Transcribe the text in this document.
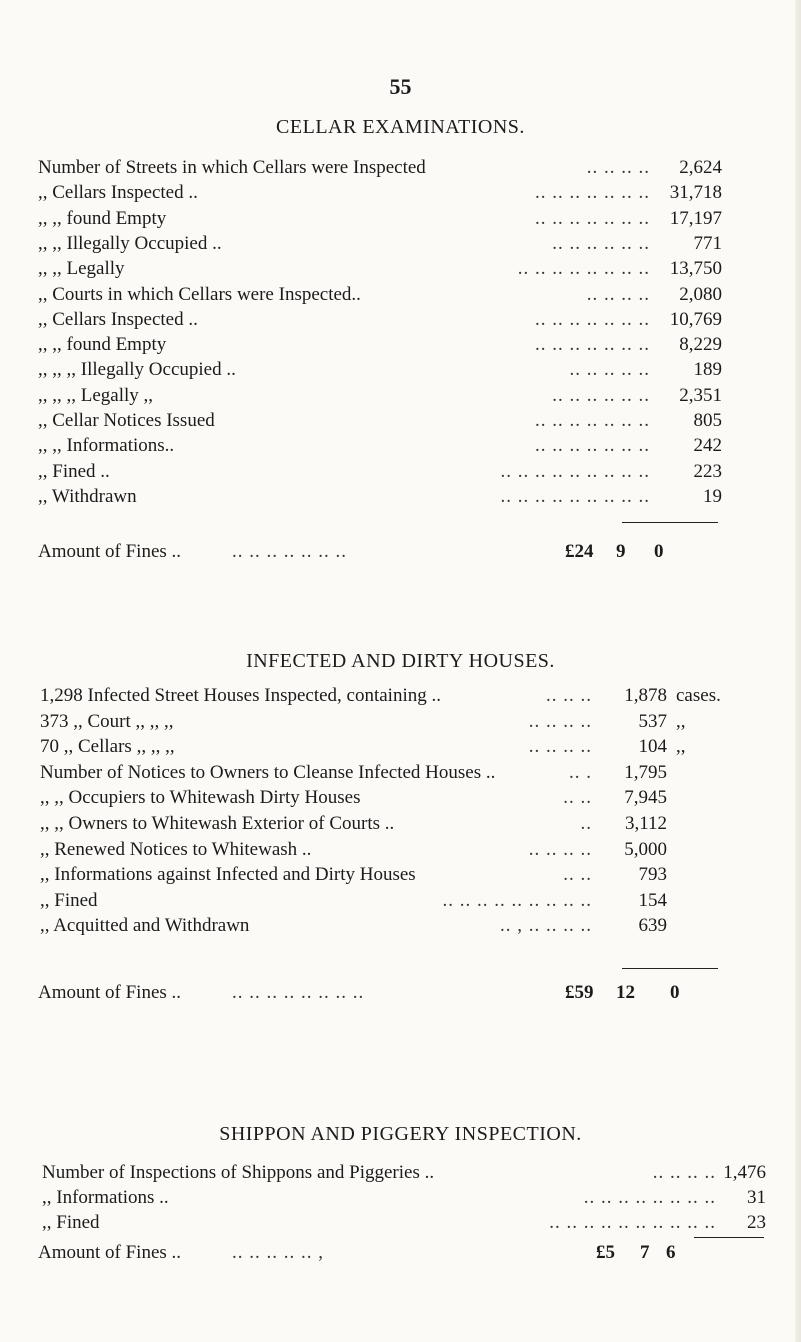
55
CELLAR EXAMINATIONS.
Number of Streets in which Cellars were Inspected	.. .. .. .. 2,624
,, Cellars Inspected ..	.. .. .. .. .. .. .. 31,718
,, ,, found Empty	.. .. .. .. .. .. .. 17,197
,, ,, Illegally Occupied ..	.. .. .. .. .. .. 771
,, ,, Legally	.. .. .. .. .. .. .. .. 13,750
,, Courts in which Cellars were Inspected..	.. .. .. .. 2,080
,, Cellars Inspected ..	.. .. .. .. .. .. .. 10,769
,, ,, found Empty	.. .. .. .. .. .. .. 8,229
,, ,, ,, Illegally Occupied ..	.. .. .. .. .. 189
,, ,, ,, Legally ,,	.. .. .. .. .. .. 2,351
,, Cellar Notices Issued	.. .. .. .. .. .. .. 805
,, ,, Informations..	.. .. .. .. .. .. .. 242
,, Fined ..	.. .. .. .. .. .. .. .. .. 223
,, Withdrawn	.. .. .. .. .. .. .. .. ..	19
Amount of Fines ..	.. .. .. .. .. .. ..	£24 9 0
INFECTED AND DIRTY HOUSES.
1,298 Infected Street Houses Inspected, containing ..	.. .. .. 1,878 cases.
373 ,, Court ,, ,, ,,	.. .. .. .. 537 ,,
70 ,, Cellars ,, ,, ,,	.. .. .. .. 104 ,,
Number of Notices to Owners to Cleanse Infected Houses ..	.. . 1,795
,, ,, Occupiers to Whitewash Dirty Houses	.. .. 7,945
,, ,, Owners to Whitewash Exterior of Courts ..	.. 3,112
,, Renewed Notices to Whitewash ..	.. .. .. .. 5,000
,, Informations against Infected and Dirty Houses	.. .. 793
,, Fined	.. .. .. .. .. .. .. .. .. 154
,, Acquitted and Withdrawn	.. , .. .. .. .. 639
Amount of Fines ..	.. .. .. .. .. .. .. ..	£59 12 0
SHIPPON AND PIGGERY INSPECTION.
Number of Inspections of Shippons and Piggeries ..	.. .. .. .. 1,476
,, Informations ..	.. .. .. .. .. .. .. .. 31
,, Fined	.. .. .. .. .. .. .. .. .. .. 23
Amount of Fines ..	.. .. .. .. .. ,	£5 7 6
